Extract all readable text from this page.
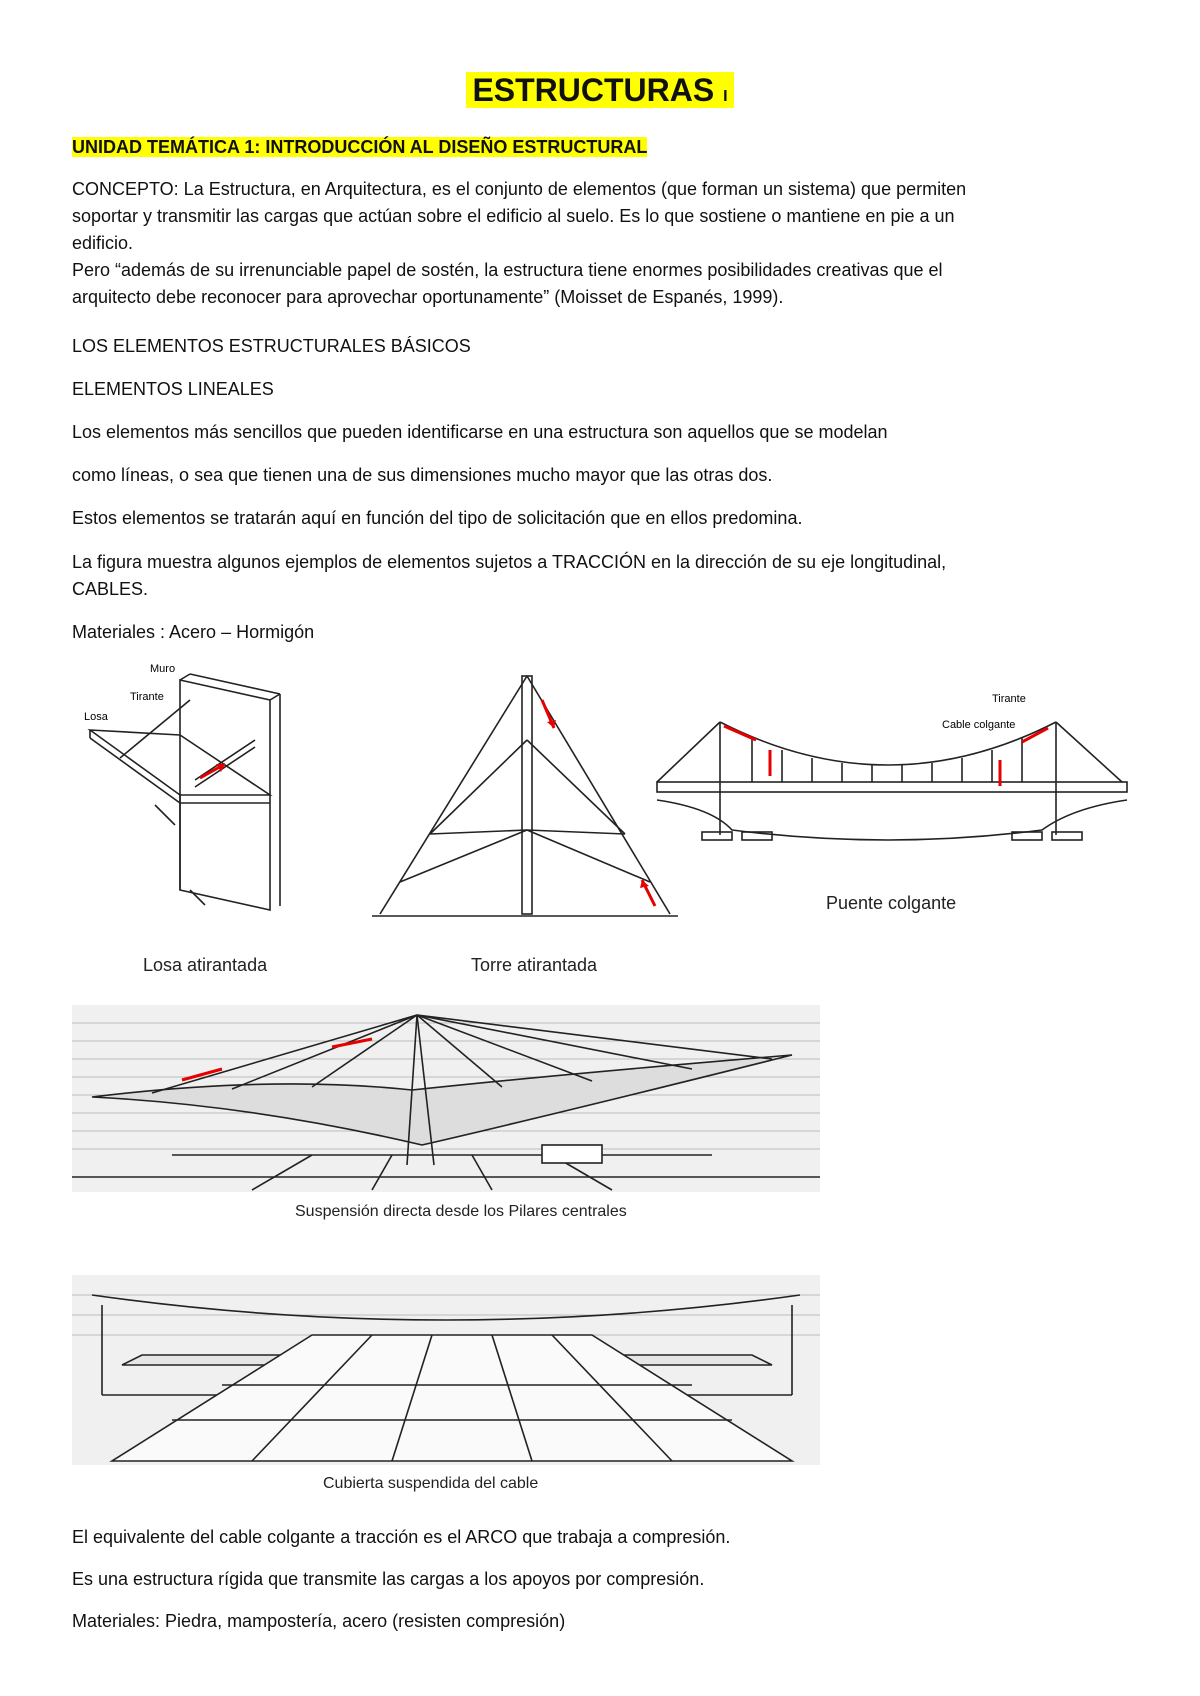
ESTRUCTURAS I
UNIDAD TEMÁTICA 1: INTRODUCCIÓN AL DISEÑO ESTRUCTURAL
CONCEPTO: La Estructura, en Arquitectura, es el conjunto de elementos (que forman un sistema) que permiten
soportar y transmitir las cargas que actúan sobre el edificio al suelo. Es lo que sostiene o mantiene en pie a un
edificio.
Pero “además de su irrenunciable papel de sostén, la estructura tiene enormes posibilidades creativas que el
arquitecto debe reconocer para aprovechar oportunamente” (Moisset de Espanés, 1999).
LOS ELEMENTOS ESTRUCTURALES BÁSICOS
ELEMENTOS LINEALES
Los elementos más sencillos que pueden identificarse en una estructura son aquellos que se modelan
como líneas, o sea que tienen una de sus dimensiones mucho mayor que las otras dos.
Estos elementos se tratarán aquí en función del tipo de solicitación que en ellos predomina.
La figura muestra algunos ejemplos de elementos sujetos a TRACCIÓN en la dirección de su eje longitudinal,
CABLES.
Materiales : Acero – Hormigón
Muro
Tirante
Losa
Losa atirantada	Torre atirantada
Cable colgante
Tirante
Puente colgante
Suspensión directa desde los Pilares centrales
Cubierta suspendida del cable
El equivalente del cable colgante a tracción es el ARCO que trabaja a compresión.
Es una estructura rígida que transmite las cargas a los apoyos por compresión.
Materiales: Piedra, mampostería, acero (resisten compresión)
